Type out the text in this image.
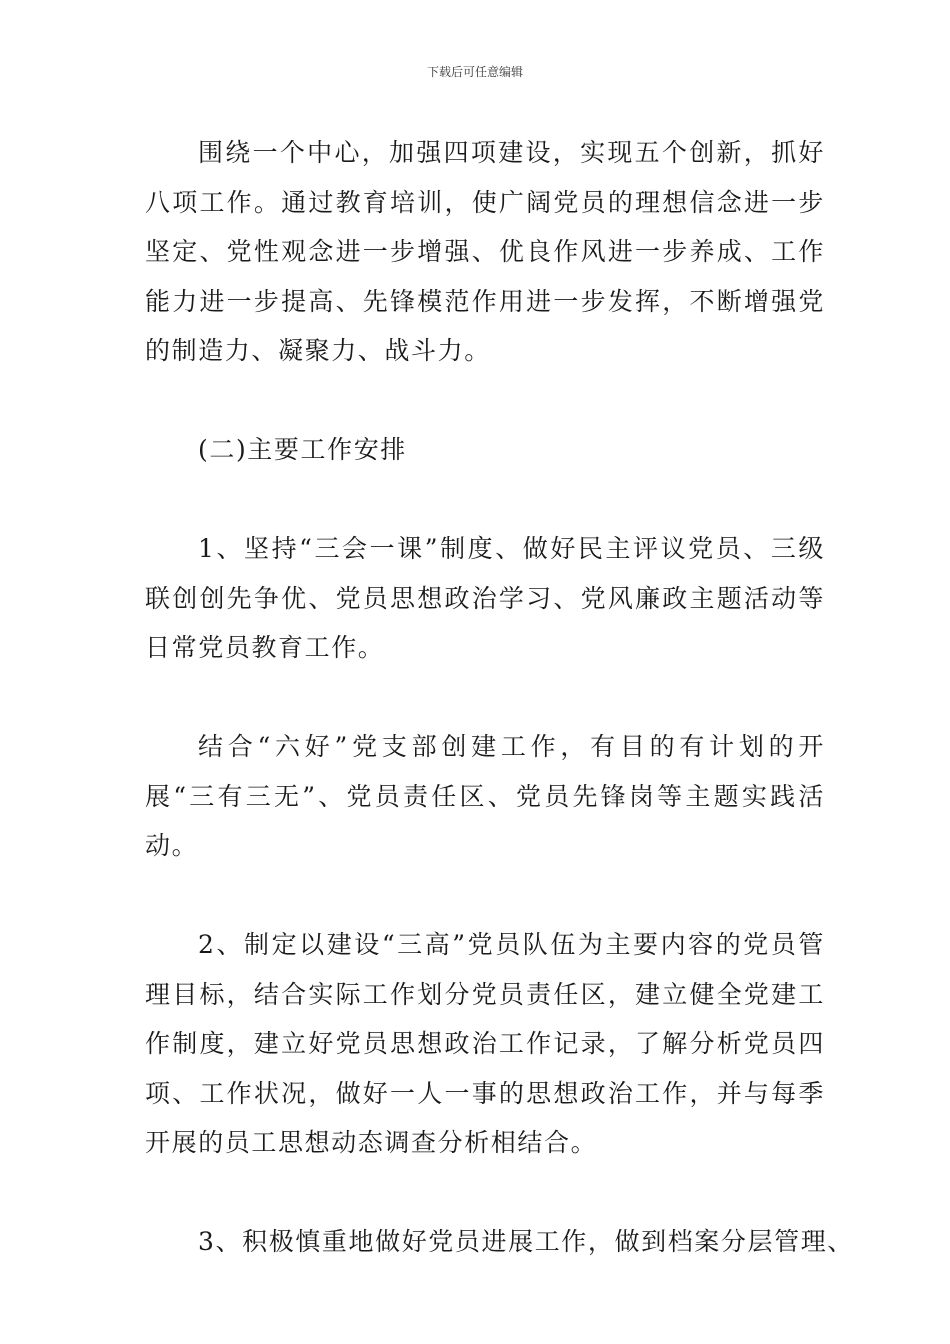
下载后可任意编辑

围绕一个中心，加强四项建设，实现五个创新，抓好八项工作。通过教育培训，使广阔党员的理想信念进一步坚定、党性观念进一步增强、优良作风进一步养成、工作能力进一步提高、先锋模范作用进一步发挥，不断增强党的制造力、凝聚力、战斗力。

(二)主要工作安排

1、坚持“三会一课”制度、做好民主评议党员、三级联创创先争优、党员思想政治学习、党风廉政主题活动等日常党员教育工作。

结合“六好”党支部创建工作，有目的有计划的开展“三有三无”、党员责任区、党员先锋岗等主题实践活动。

2、制定以建设“三高”党员队伍为主要内容的党员管理目标，结合实际工作划分党员责任区，建立健全党建工作制度，建立好党员思想政治工作记录，了解分析党员四项、工作状况，做好一人一事的思想政治工作，并与每季开展的员工思想动态调查分析相结合。

3、积极慎重地做好党员进展工作，做到档案分层管理、
